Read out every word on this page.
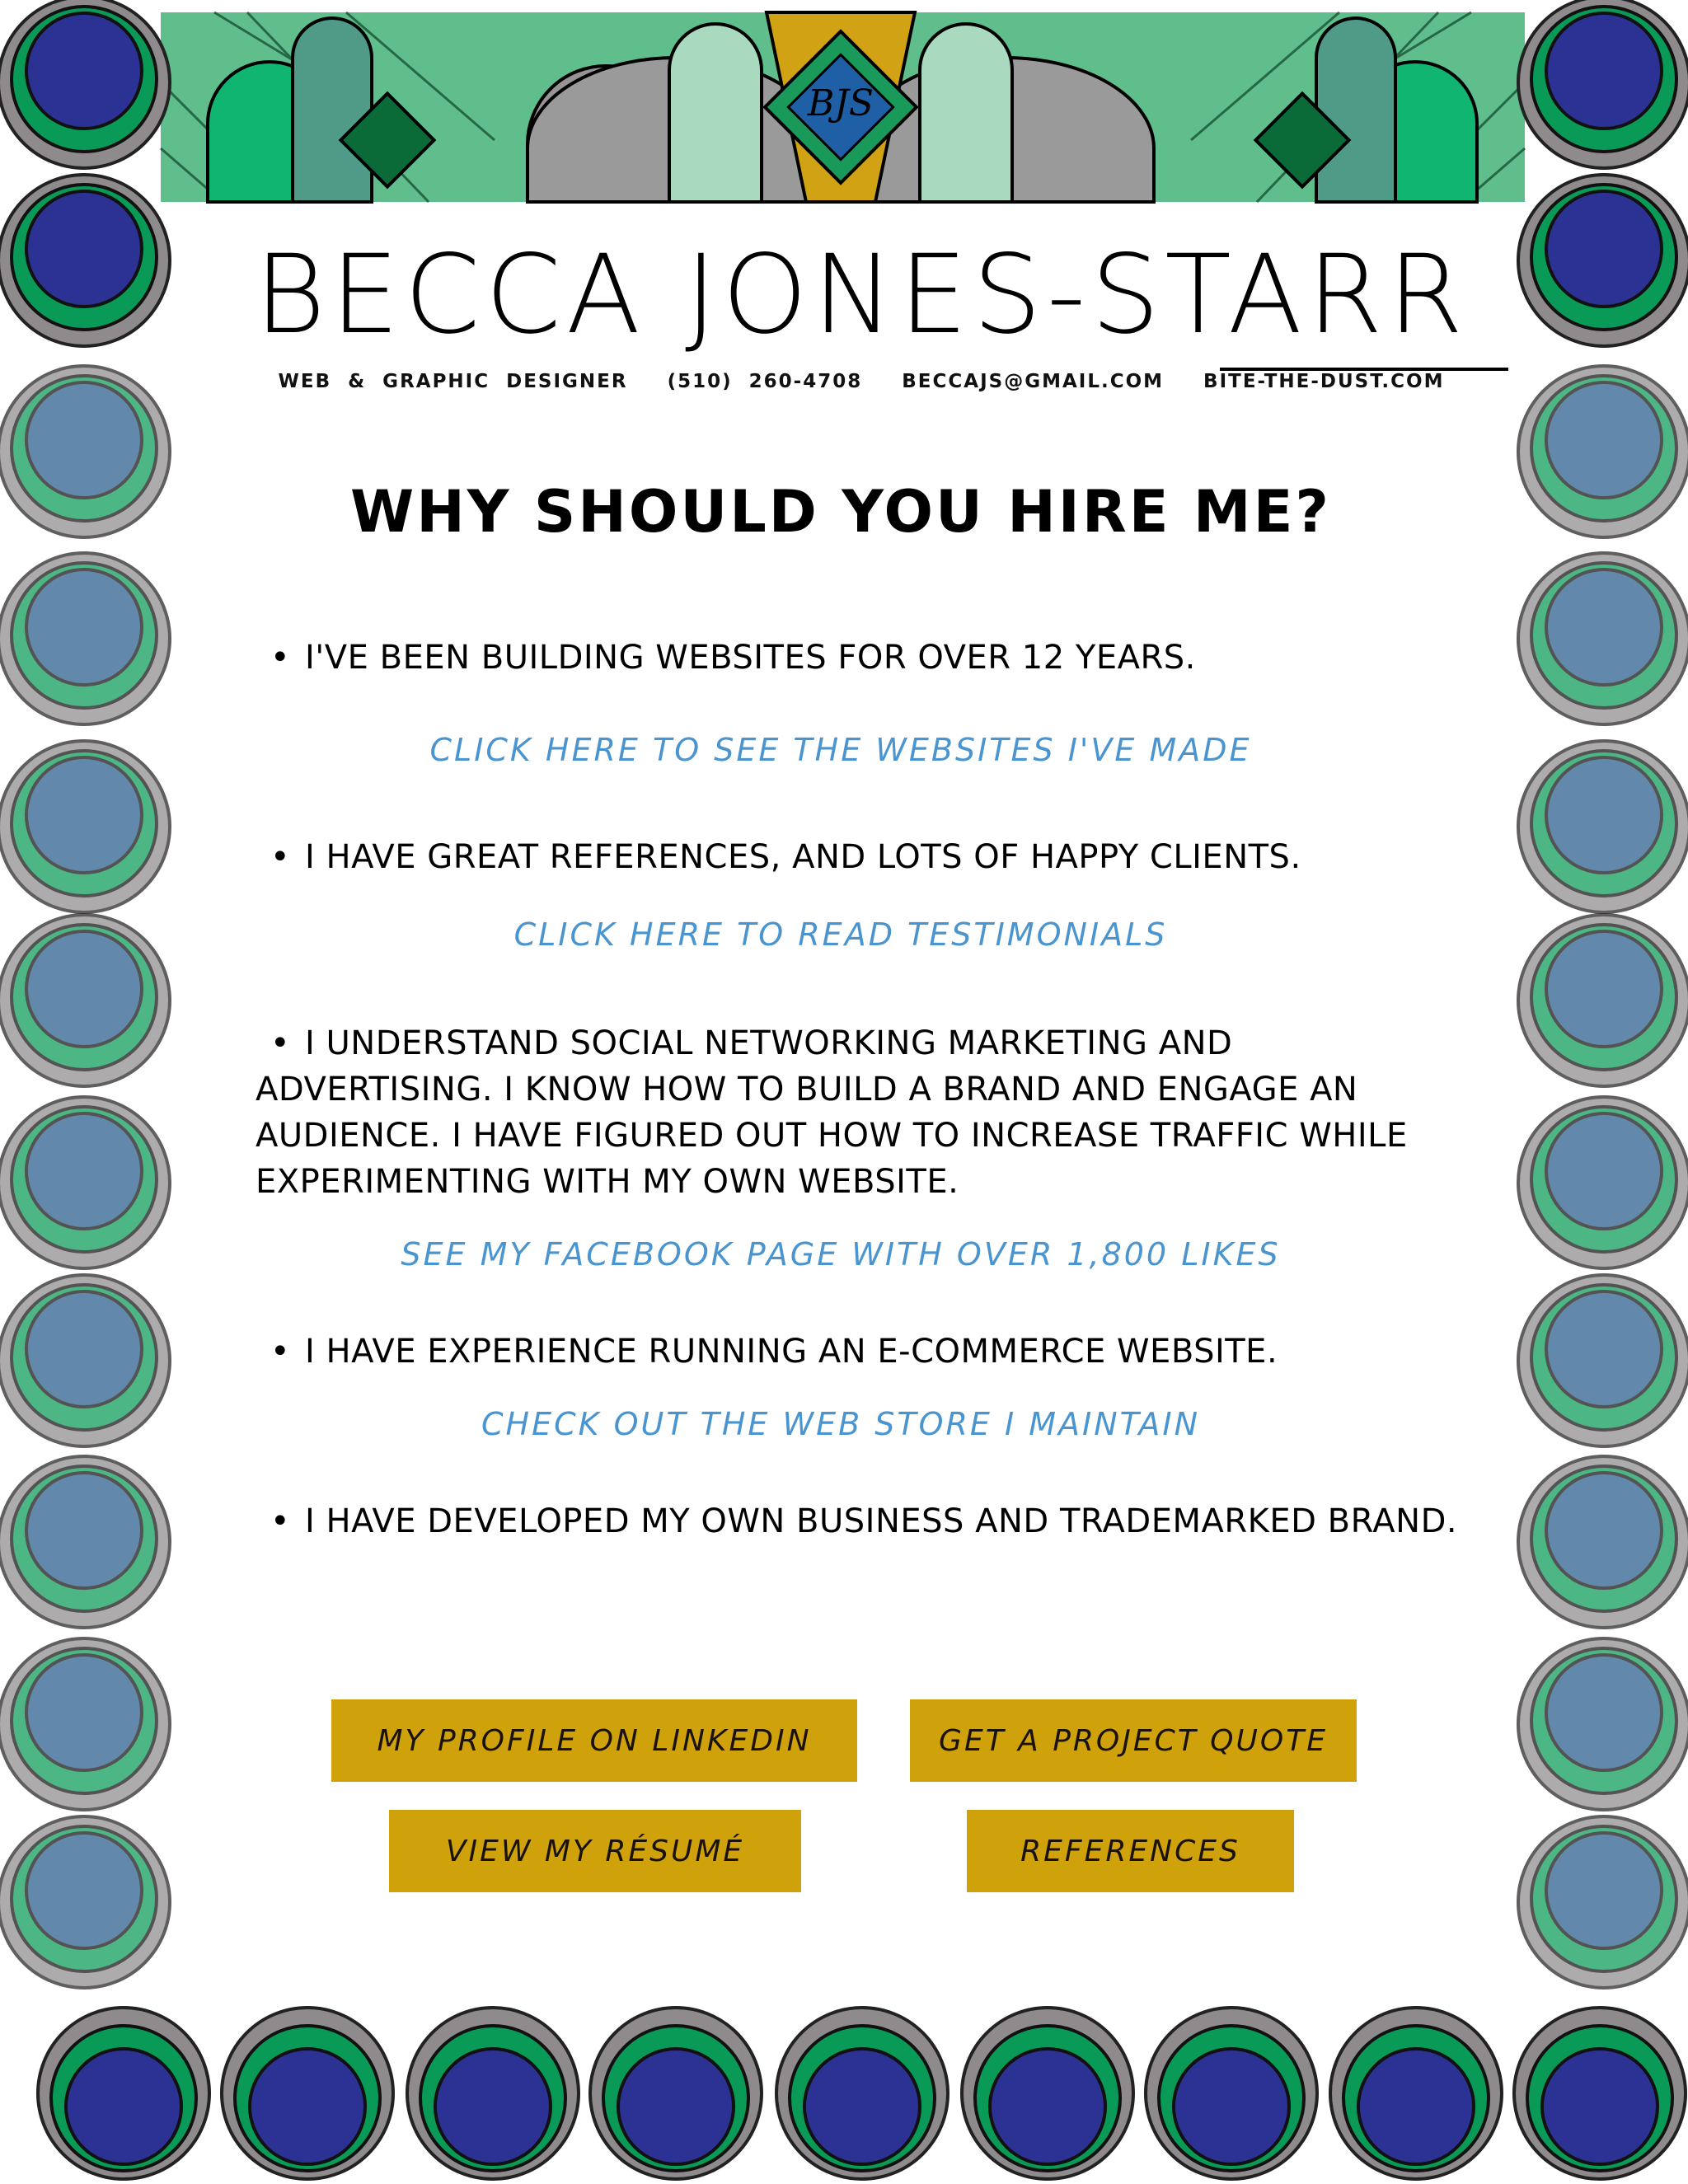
BJS
BECCA JONES-STARR
WEB & GRAPHIC DESIGNER (510) 260-4708 BECCAJS@GMAIL.COM BITE-THE-DUST.COM
WHY SHOULD YOU HIRE ME?
• I'VE BEEN BUILDING WEBSITES FOR OVER 12 YEARS.
CLICK HERE TO SEE THE WEBSITES I'VE MADE
• I HAVE GREAT REFERENCES, AND LOTS OF HAPPY CLIENTS.
CLICK HERE TO READ TESTIMONIALS
• I UNDERSTAND SOCIAL NETWORKING MARKETING AND ADVERTISING. I KNOW HOW TO BUILD A BRAND AND ENGAGE AN AUDIENCE. I HAVE FIGURED OUT HOW TO INCREASE TRAFFIC WHILE EXPERIMENTING WITH MY OWN WEBSITE.
SEE MY FACEBOOK PAGE WITH OVER 1,800 LIKES
• I HAVE EXPERIENCE RUNNING AN E-COMMERCE WEBSITE.
CHECK OUT THE WEB STORE I MAINTAIN
• I HAVE DEVELOPED MY OWN BUSINESS AND TRADEMARKED BRAND.
MY PROFILE ON LINKEDIN	GET A PROJECT QUOTE
VIEW MY RÉSUMÉ	REFERENCES
